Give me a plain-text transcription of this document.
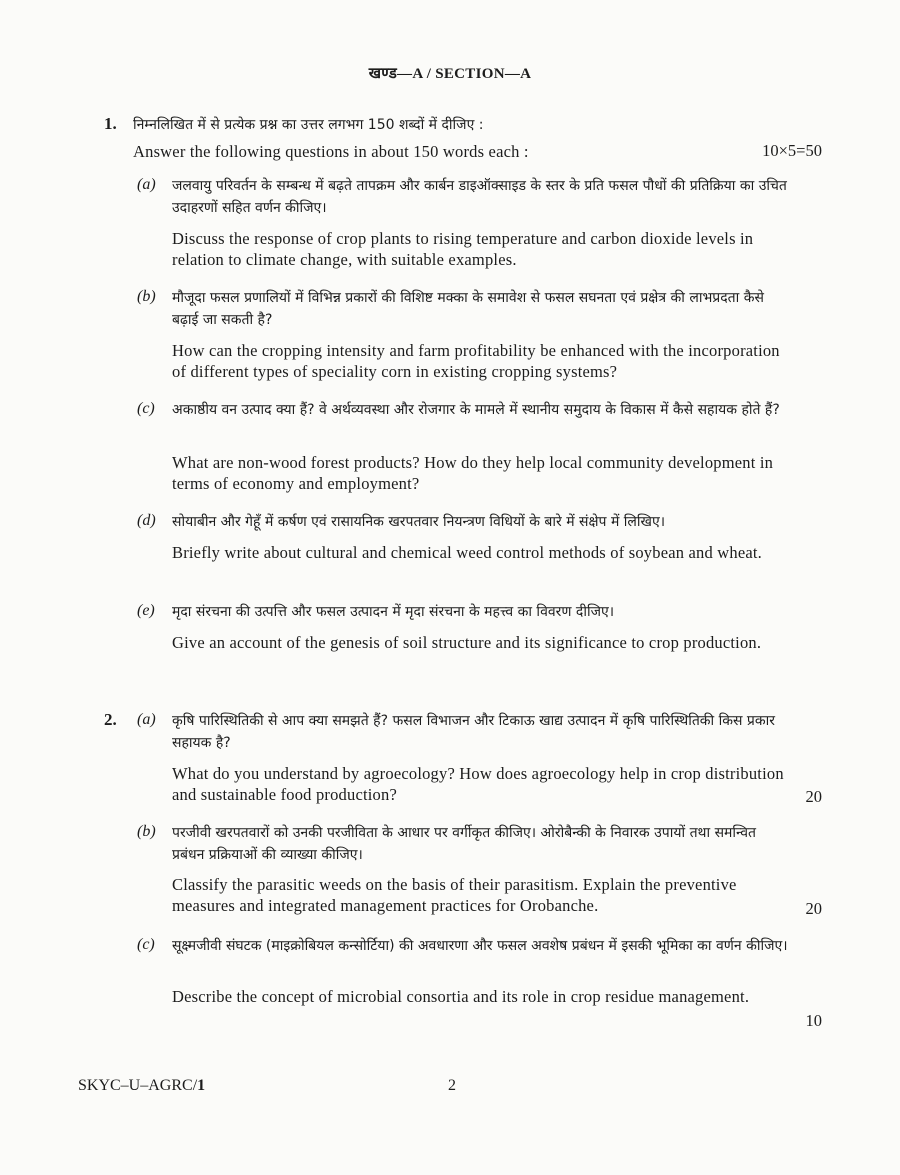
खण्ड—A / SECTION—A
1. निम्नलिखित में से प्रत्येक प्रश्न का उत्तर लगभग 150 शब्दों में दीजिए :
Answer the following questions in about 150 words each :	10×5=50
(a) जलवायु परिवर्तन के सम्बन्ध में बढ़ते तापक्रम और कार्बन डाइऑक्साइड के स्तर के प्रति फसल पौधों की प्रतिक्रिया का उचित उदाहरणों सहित वर्णन कीजिए।
Discuss the response of crop plants to rising temperature and carbon dioxide levels in relation to climate change, with suitable examples.
(b) मौजूदा फसल प्रणालियों में विभिन्न प्रकारों की विशिष्ट मक्का के समावेश से फसल सघनता एवं प्रक्षेत्र की लाभप्रदता कैसे बढ़ाई जा सकती है?
How can the cropping intensity and farm profitability be enhanced with the incorporation of different types of speciality corn in existing cropping systems?
(c) अकाष्ठीय वन उत्पाद क्या हैं? वे अर्थव्यवस्था और रोजगार के मामले में स्थानीय समुदाय के विकास में कैसे सहायक होते हैं?
What are non-wood forest products? How do they help local community development in terms of economy and employment?
(d) सोयाबीन और गेहूँ में कर्षण एवं रासायनिक खरपतवार नियन्त्रण विधियों के बारे में संक्षेप में लिखिए।
Briefly write about cultural and chemical weed control methods of soybean and wheat.
(e) मृदा संरचना की उत्पत्ति और फसल उत्पादन में मृदा संरचना के महत्त्व का विवरण दीजिए।
Give an account of the genesis of soil structure and its significance to crop production.
2. (a) कृषि पारिस्थितिकी से आप क्या समझते हैं? फसल विभाजन और टिकाऊ खाद्य उत्पादन में कृषि पारिस्थितिकी किस प्रकार सहायक है?
What do you understand by agroecology? How does agroecology help in crop distribution and sustainable food production?	20
(b) परजीवी खरपतवारों को उनकी परजीविता के आधार पर वर्गीकृत कीजिए। ओरोबैन्की के निवारक उपायों तथा समन्वित प्रबंधन प्रक्रियाओं की व्याख्या कीजिए।
Classify the parasitic weeds on the basis of their parasitism. Explain the preventive measures and integrated management practices for Orobanche.	20
(c) सूक्ष्मजीवी संघटक (माइक्रोबियल कन्सोर्टिया) की अवधारणा और फसल अवशेष प्रबंधन में इसकी भूमिका का वर्णन कीजिए।
Describe the concept of microbial consortia and its role in crop residue management.
10
SKYC–U–AGRC/1	2
